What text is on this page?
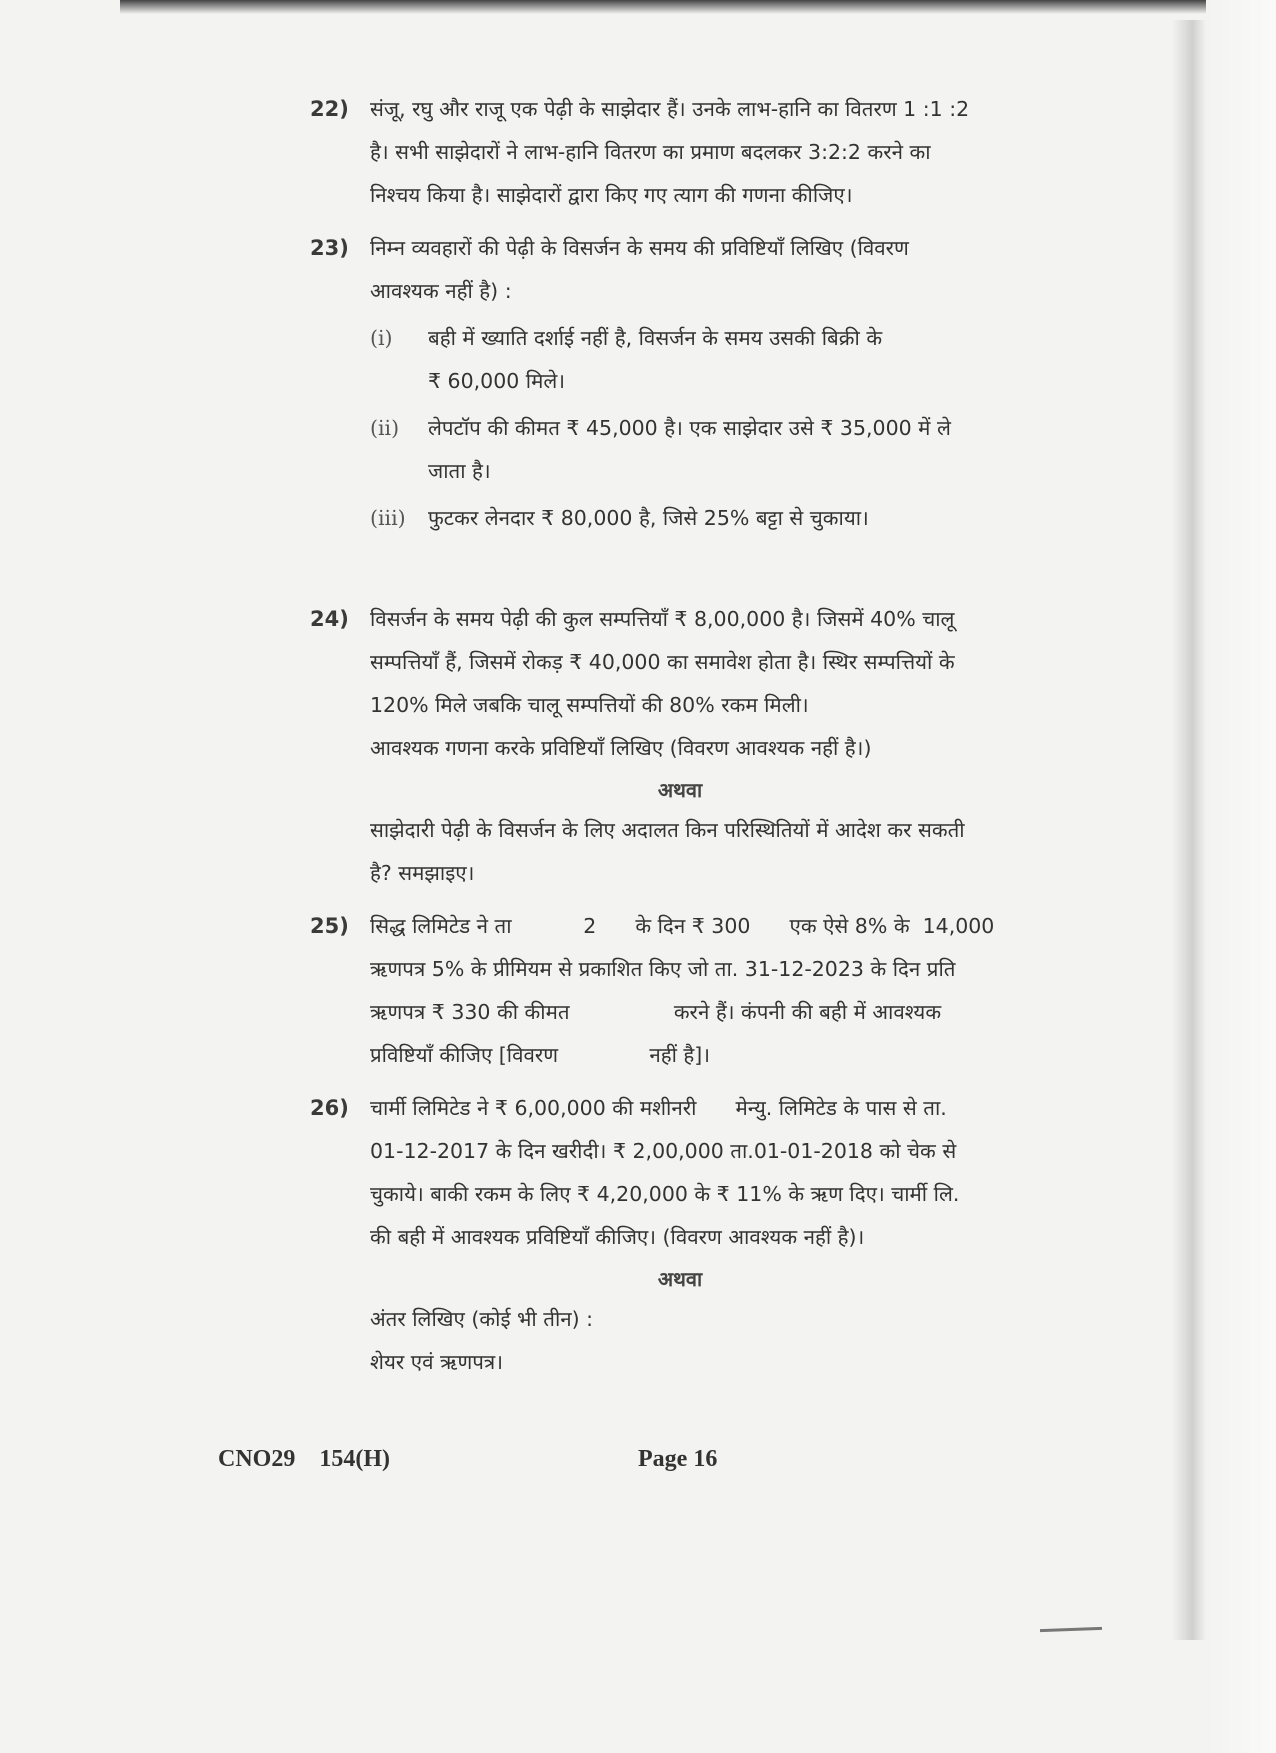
22) संजू, रघु और राजू एक पेढ़ी के साझेदार हैं। उनके लाभ-हानि का वितरण 1 :1 :2
है। सभी साझेदारों ने लाभ-हानि वितरण का प्रमाण बदलकर 3:2:2 करने का
निश्चय किया है। साझेदारों द्वारा किए गए त्याग की गणना कीजिए।
23) निम्न व्यवहारों की पेढ़ी के विसर्जन के समय की प्रविष्टियाँ लिखिए (विवरण
आवश्यक नहीं है) :
(i) बही में ख्याति दर्शाई नहीं है, विसर्जन के समय उसकी बिक्री के
₹ 60,000 मिले।
(ii) लेपटॉप की कीमत ₹ 45,000 है। एक साझेदार उसे ₹ 35,000 में ले
जाता है।
(iii) फुटकर लेनदार ₹ 80,000 है, जिसे 25% बट्टा से चुकाया।
24) विसर्जन के समय पेढ़ी की कुल सम्पत्तियाँ ₹ 8,00,000 है। जिसमें 40% चालू
सम्पत्तियाँ हैं, जिसमें रोकड़ ₹ 40,000 का समावेश होता है। स्थिर सम्पत्तियों के
120% मिले जबकि चालू सम्पत्तियों की 80% रकम मिली।
आवश्यक गणना करके प्रविष्टियाँ लिखिए (विवरण आवश्यक नहीं है।)
अथवा
साझेदारी पेढ़ी के विसर्जन के लिए अदालत किन परिस्थितियों में आदेश कर सकती
है? समझाइए।
25) सिद्ध लिमिटेड ने ता           2      के दिन ₹ 300      एक ऐसे 8% के  14,000
ऋणपत्र 5% के प्रीमियम से प्रकाशित किए जो ता. 31-12-2023 के दिन प्रति
ऋणपत्र ₹ 330 की कीमत                करने हैं। कंपनी की बही में आवश्यक
प्रविष्टियाँ कीजिए [विवरण              नहीं है]।
26) चार्मी लिमिटेड ने ₹ 6,00,000 की मशीनरी      मेन्यु. लिमिटेड के पास से ता.
01-12-2017 के दिन खरीदी। ₹ 2,00,000 ता.01-01-2018 को चेक से
चुकाये। बाकी रकम के लिए ₹ 4,20,000 के ₹ 11% के ऋण दिए। चार्मी लि.
की बही में आवश्यक प्रविष्टियाँ कीजिए। (विवरण आवश्यक नहीं है)।
अथवा
अंतर लिखिए (कोई भी तीन) :
शेयर एवं ऋणपत्र।
CNO29    154(H)	Page 16
